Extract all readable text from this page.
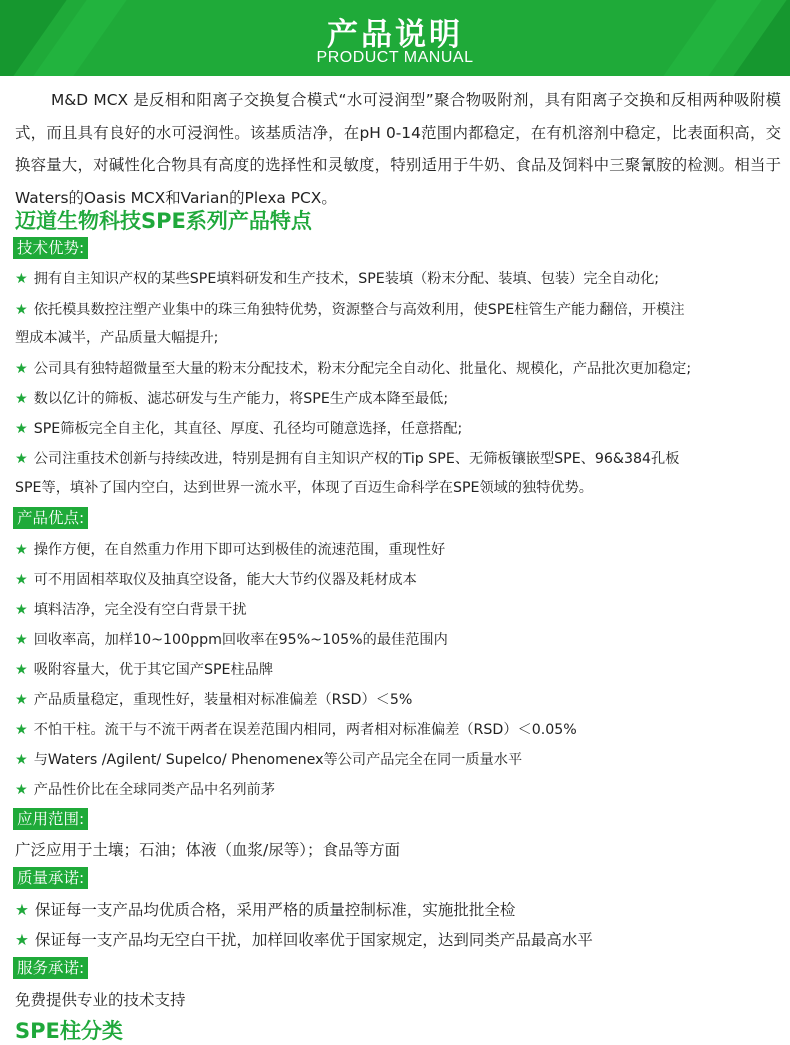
产品说明
PRODUCT MANUAL
M&D MCX 是反相和阳离子交换复合模式“水可浸润型”聚合物吸附剂，具有阳离子交换和反相两种吸附模式，而且具有良好的水可浸润性。该基质洁净，在pH 0-14范围内都稳定，在有机溶剂中稳定，比表面积高，交换容量大，对碱性化合物具有高度的选择性和灵敏度，特别适用于牛奶、食品及饲料中三聚氰胺的检测。相当于Waters的Oasis MCX和Varian的Plexa PCX。
迈道生物科技SPE系列产品特点
技术优势:
★ 拥有自主知识产权的某些SPE填料研发和生产技术，SPE装填（粉末分配、装填、包装）完全自动化;
★ 依托模具数控注塑产业集中的珠三角独特优势，资源整合与高效利用，使SPE柱管生产能力翻倍，开模注
塑成本减半，产品质量大幅提升;
★ 公司具有独特超微量至大量的粉末分配技术，粉末分配完全自动化、批量化、规模化，产品批次更加稳定;
★ 数以亿计的筛板、滤芯研发与生产能力，将SPE生产成本降至最低;
★ SPE筛板完全自主化，其直径、厚度、孔径均可随意选择，任意搭配;
★ 公司注重技术创新与持续改进，特别是拥有自主知识产权的Tip SPE、无筛板镶嵌型SPE、96&384孔板
SPE等，填补了国内空白，达到世界一流水平，体现了百迈生命科学在SPE领域的独特优势。
产品优点:
★ 操作方便，在自然重力作用下即可达到极佳的流速范围，重现性好
★ 可不用固相萃取仪及抽真空设备，能大大节约仪器及耗材成本
★ 填料洁净，完全没有空白背景干扰
★ 回收率高，加样10~100ppm回收率在95%~105%的最佳范围内
★ 吸附容量大，优于其它国产SPE柱品牌
★ 产品质量稳定，重现性好，装量相对标准偏差（RSD）＜5%
★ 不怕干柱。流干与不流干两者在误差范围内相同，两者相对标准偏差（RSD）＜0.05%
★ 与Waters /Agilent/ Supelco/ Phenomenex等公司产品完全在同一质量水平
★ 产品性价比在全球同类产品中名列前茅
应用范围:
广泛应用于土壤；石油；体液（血浆/尿等）；食品等方面
质量承诺:
★ 保证每一支产品均优质合格，采用严格的质量控制标准，实施批批全检
★ 保证每一支产品均无空白干扰，加样回收率优于国家规定，达到同类产品最高水平
服务承诺:
免费提供专业的技术支持
SPE柱分类
